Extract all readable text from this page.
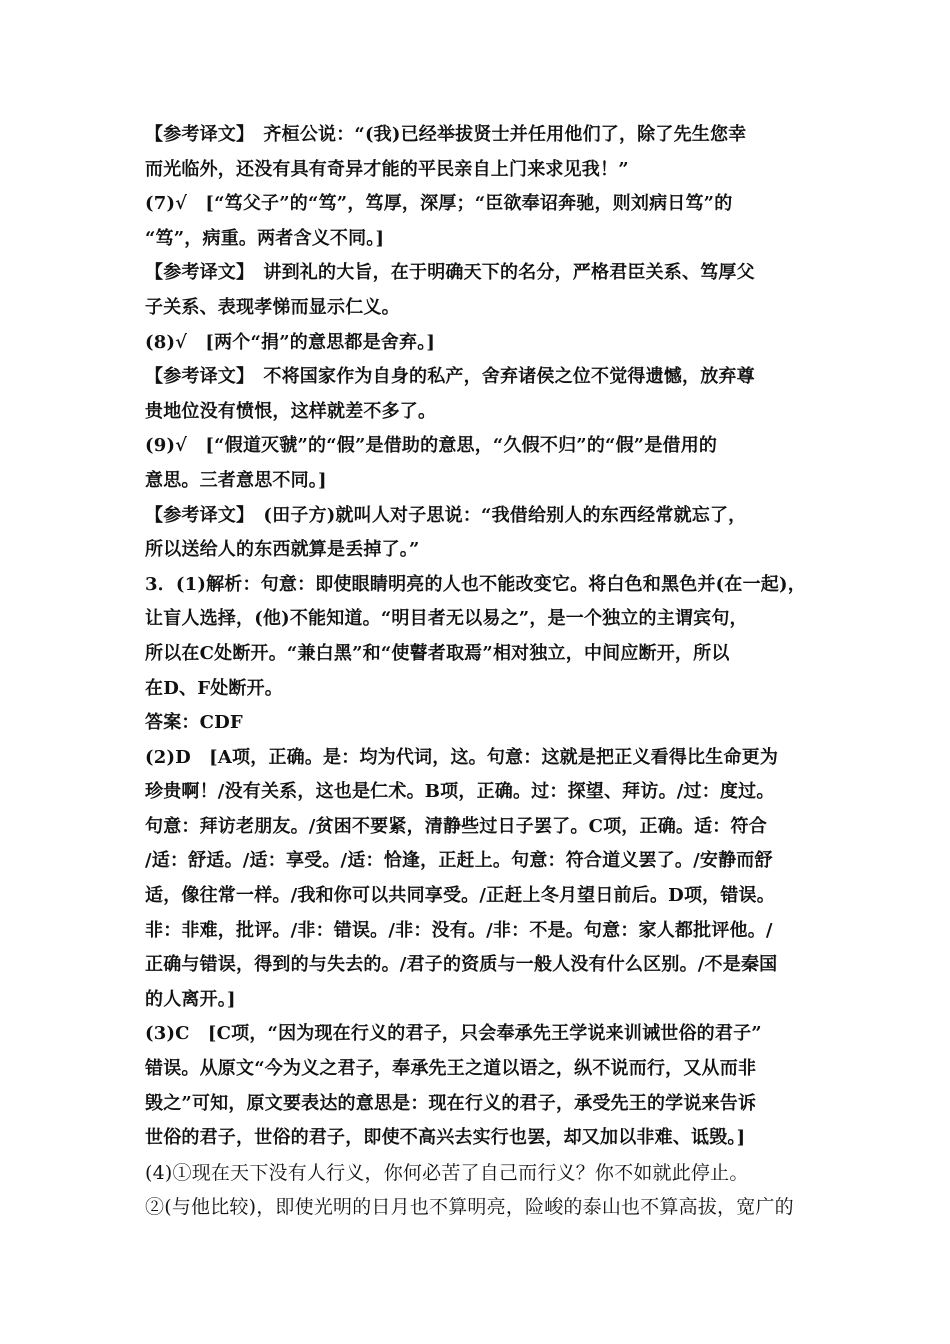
【参考译文】　齐桓公说：“(我)已经举拔贤士并任用他们了，除了先生您幸
而光临外，还没有具有奇异才能的平民亲自上门来求见我！”
(7)√　[“笃父子”的“笃”，笃厚，深厚；“臣欲奉诏奔驰，则刘病日笃”的
“笃”，病重。两者含义不同。]
【参考译文】　讲到礼的大旨，在于明确天下的名分，严格君臣关系、笃厚父
子关系、表现孝悌而显示仁义。
(8)√　[两个“捐”的意思都是舍弃。]
【参考译文】　不将国家作为自身的私产，舍弃诸侯之位不觉得遗憾，放弃尊
贵地位没有愤恨，这样就差不多了。
(9)√　[“假道灭虢”的“假”是借助的意思，“久假不归”的“假”是借用的
意思。三者意思不同。]
【参考译文】　(田子方)就叫人对子思说：“我借给别人的东西经常就忘了，
所以送给人的东西就算是丢掉了。”
3．(1)解析：句意：即使眼睛明亮的人也不能改变它。将白色和黑色并(在一起)，
让盲人选择，(他)不能知道。“明目者无以易之”，是一个独立的主谓宾句，
所以在C处断开。“兼白黑”和“使瞽者取焉”相对独立，中间应断开，所以
在D、F处断开。
答案：CDF
(2)D　[A项，正确。是：均为代词，这。句意：这就是把正义看得比生命更为
珍贵啊！/没有关系，这也是仁术。B项，正确。过：探望、拜访。/过：度过。
句意：拜访老朋友。/贫困不要紧，清静些过日子罢了。C项，正确。适：符合
/适：舒适。/适：享受。/适：恰逢，正赶上。句意：符合道义罢了。/安静而舒
适，像往常一样。/我和你可以共同享受。/正赶上冬月望日前后。D项，错误。
非：非难，批评。/非：错误。/非：没有。/非：不是。句意：家人都批评他。/
正确与错误，得到的与失去的。/君子的资质与一般人没有什么区别。/不是秦国
的人离开。]
(3)C　[C项，“因为现在行义的君子，只会奉承先王学说来训诫世俗的君子”
错误。从原文“今为义之君子，奉承先王之道以语之，纵不说而行，又从而非
毁之”可知，原文要表达的意思是：现在行义的君子，承受先王的学说来告诉
世俗的君子，世俗的君子，即使不高兴去实行也罢，却又加以非难、诋毁。]
(4)①现在天下没有人行义，你何必苦了自己而行义？你不如就此停止。
②(与他比较)，即使光明的日月也不算明亮，险峻的泰山也不算高拔，宽广的
